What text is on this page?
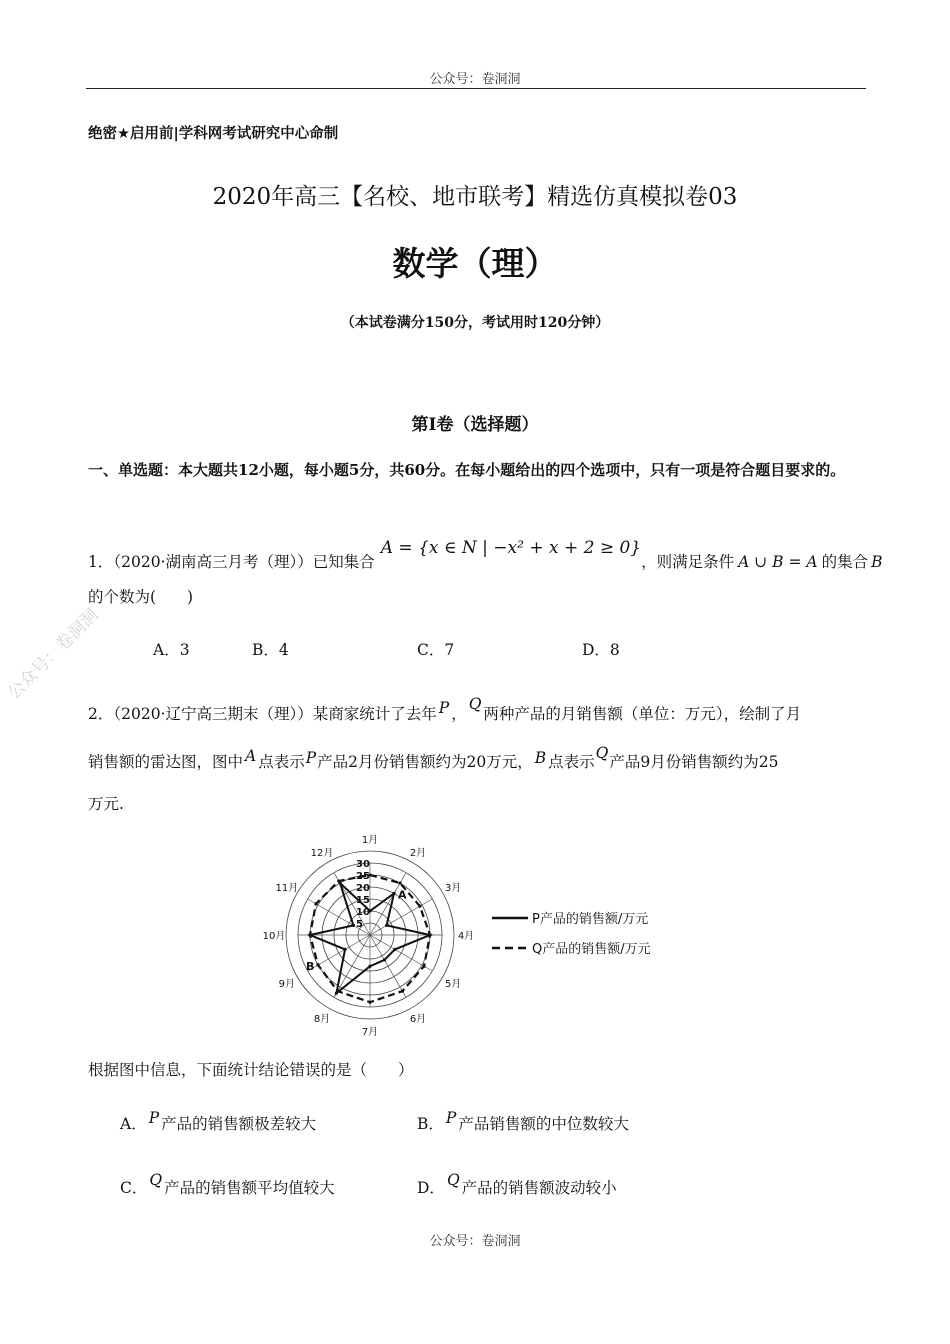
公众号：卷洞洞
绝密★启用前|学科网考试研究中心命制
2020年高三【名校、地市联考】精选仿真模拟卷03
数学（理）
（本试卷满分150分，考试用时120分钟）
第Ⅰ卷（选择题）
一、单选题：本大题共12小题，每小题5分，共60分。在每小题给出的四个选项中，只有一项是符合题目要求的。
1．（2020·湖南高三月考（理））已知集合A = {x ∈ N | −x² + x + 2 ≥ 0}，则满足条件 A ∪ B = A 的集合 B
的个数为(　　)
A．3	B．4	C．7	D．8
公众号：卷洞洞
2．（2020·辽宁高三期末（理））某商家统计了去年 P ，Q两种产品的月销售额（单位：万元），绘制了月
销售额的雷达图，图中 A 点表示P产品2月份销售额约为20万元， B 点表示Q产品9月份销售额约为25
万元.
5
10
15
20
25
30
1月
2月
3月
4月
5月
6月
7月
8月
9月
10月
11月
12月
A
B
P产品的销售额/万元
Q产品的销售额/万元
根据图中信息，下面统计结论错误的是（　　）
A． P 产品的销售额极差较大	B． P 产品销售额的中位数较大
C． Q 产品的销售额平均值较大	D． Q 产品的销售额波动较小
公众号：卷洞洞
